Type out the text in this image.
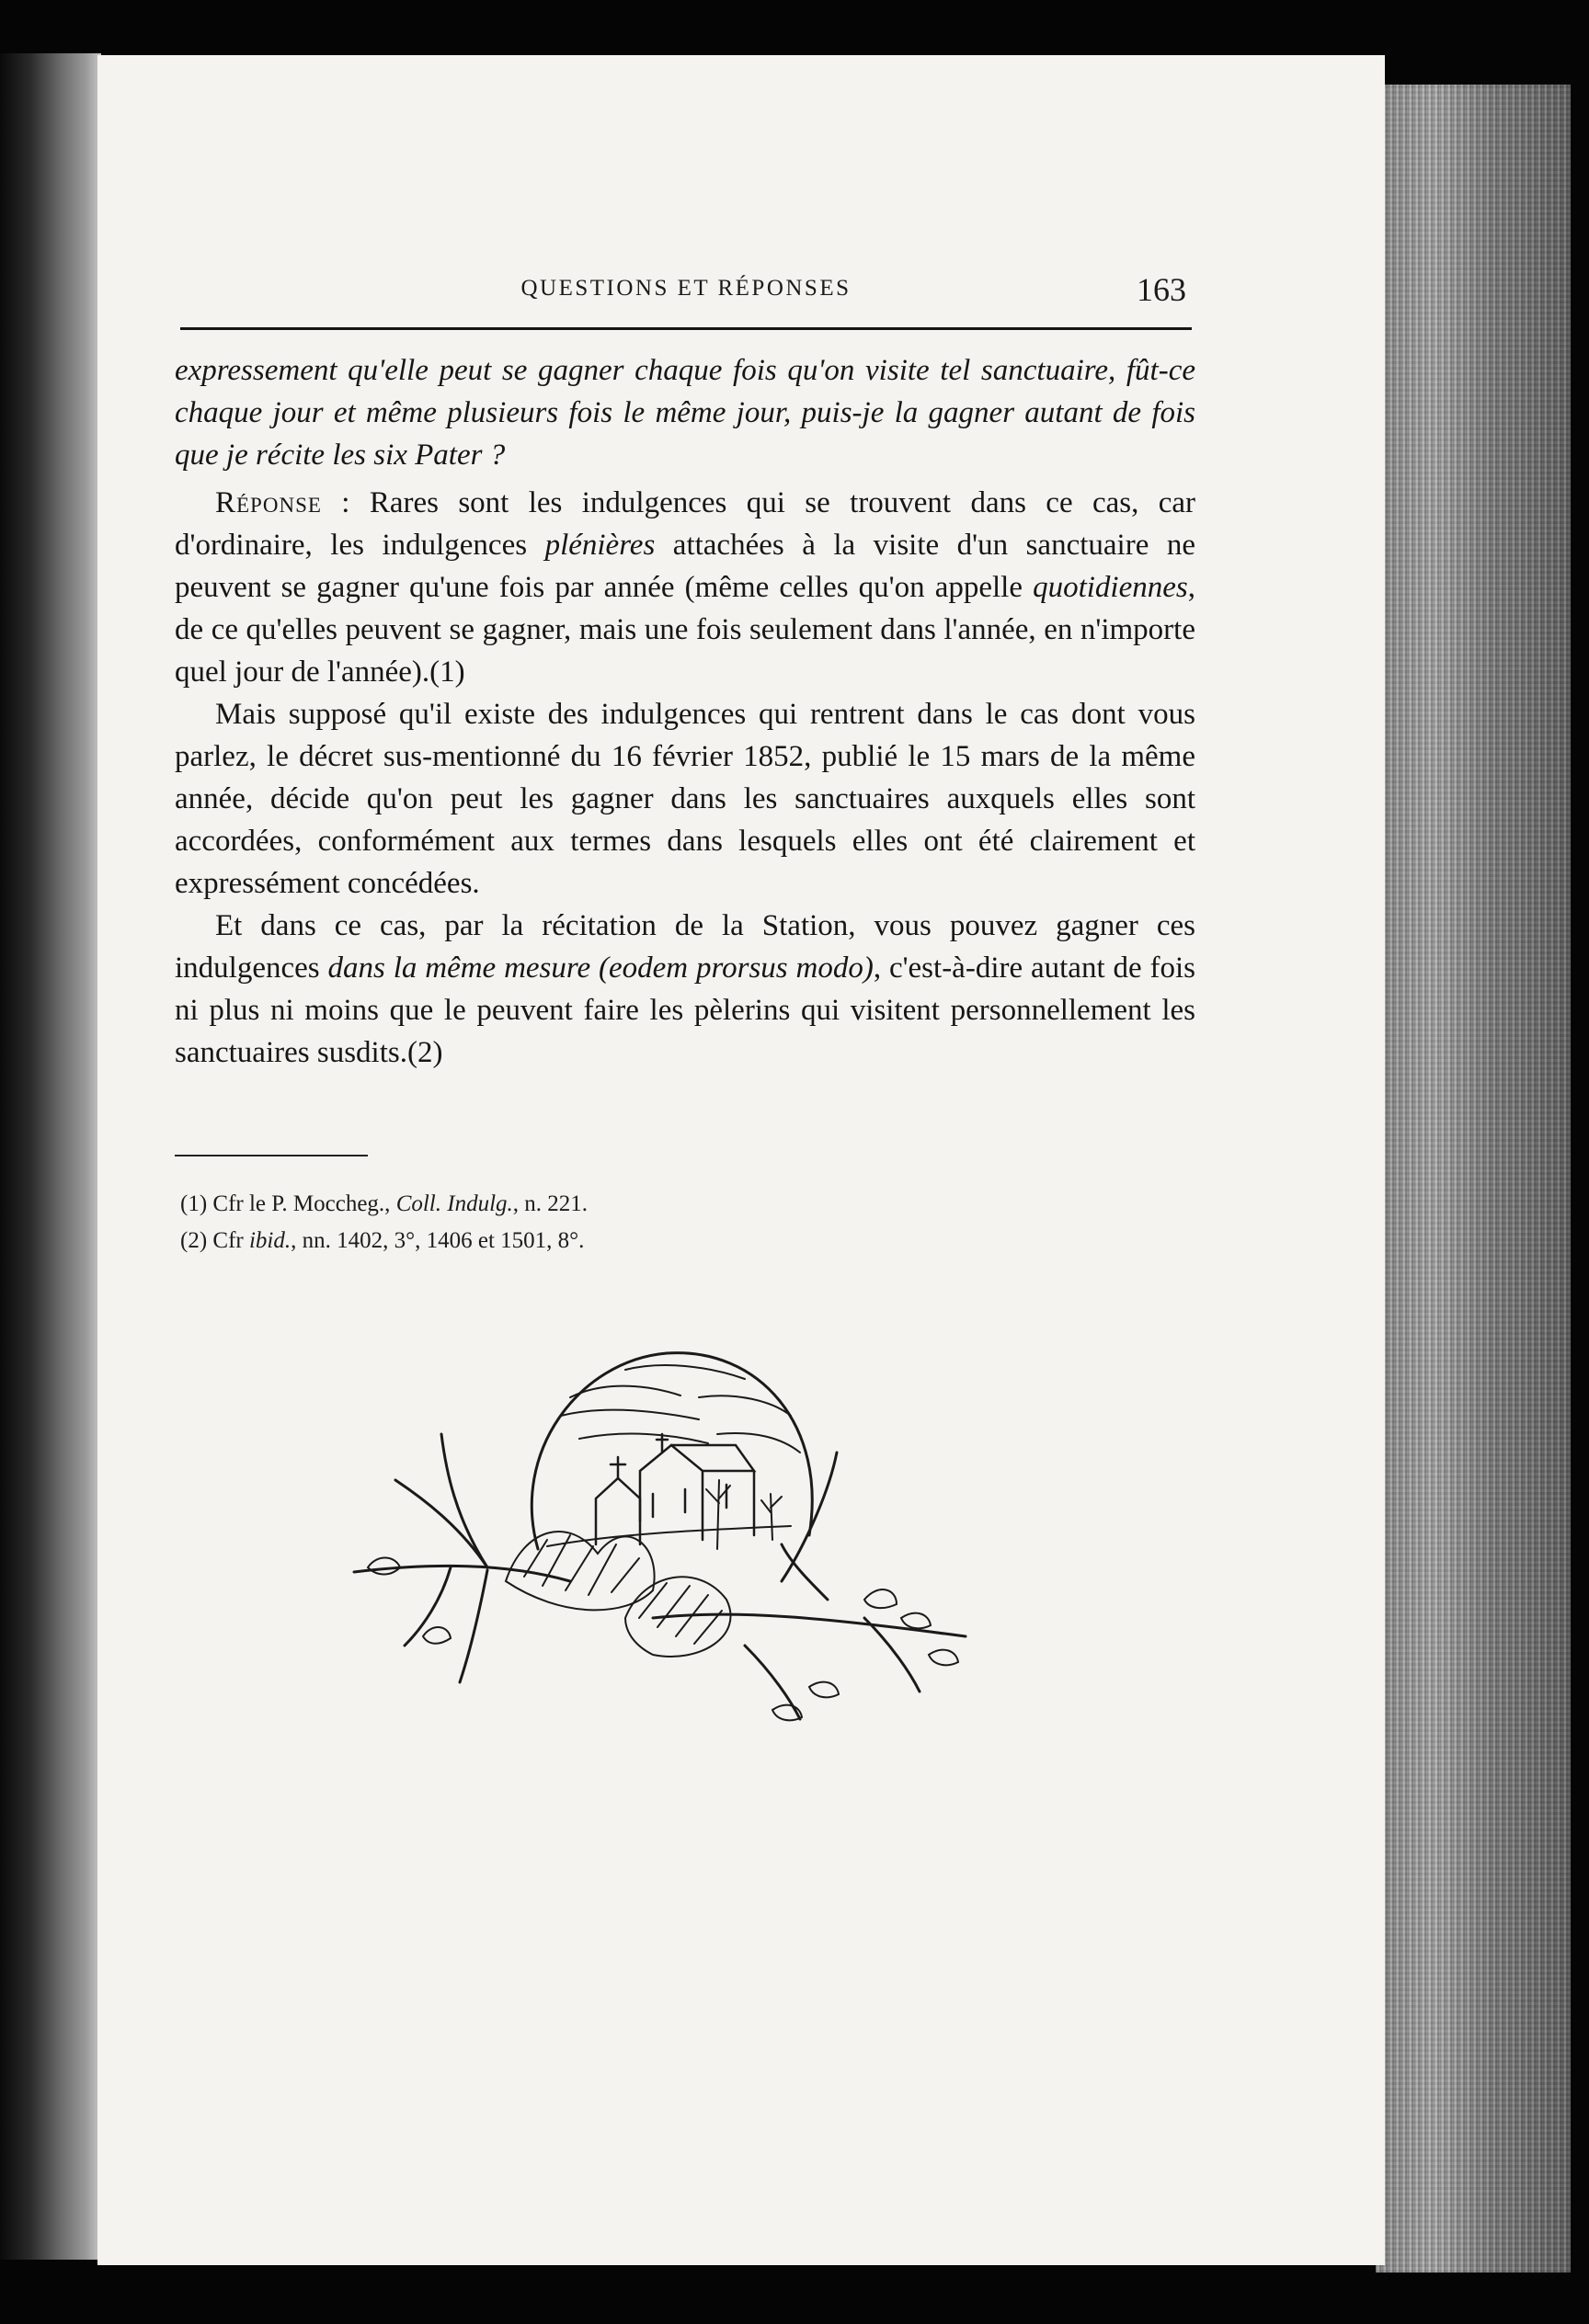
QUESTIONS ET RÉPONSES	163

expressement qu'elle peut se gagner chaque fois qu'on visite tel sanctuaire, fût-ce chaque jour et même plusieurs fois le même jour, puis-je la gagner autant de fois que je récite les six Pater ?

Réponse : Rares sont les indulgences qui se trouvent dans ce cas, car d'ordinaire, les indulgences plénières attachées à la visite d'un sanctuaire ne peuvent se gagner qu'une fois par année (même celles qu'on appelle quotidiennes, de ce qu'elles peuvent se gagner, mais une fois seulement dans l'année, en n'importe quel jour de l'année).(1)

Mais supposé qu'il existe des indulgences qui rentrent dans le cas dont vous parlez, le décret sus-mentionné du 16 février 1852, publié le 15 mars de la même année, décide qu'on peut les gagner dans les sanctuaires auxquels elles sont accordées, conformément aux termes dans lesquels elles ont été clairement et expressément concédées.

Et dans ce cas, par la récitation de la Station, vous pouvez gagner ces indulgences dans la même mesure (eodem prorsus modo), c'est-à-dire autant de fois ni plus ni moins que le peuvent faire les pèlerins qui visitent personnellement les sanctuaires susdits.(2)

(1) Cfr le P. Moccheg., Coll. Indulg., n. 221.
(2) Cfr ibid., nn. 1402, 3°, 1406 et 1501, 8°.
